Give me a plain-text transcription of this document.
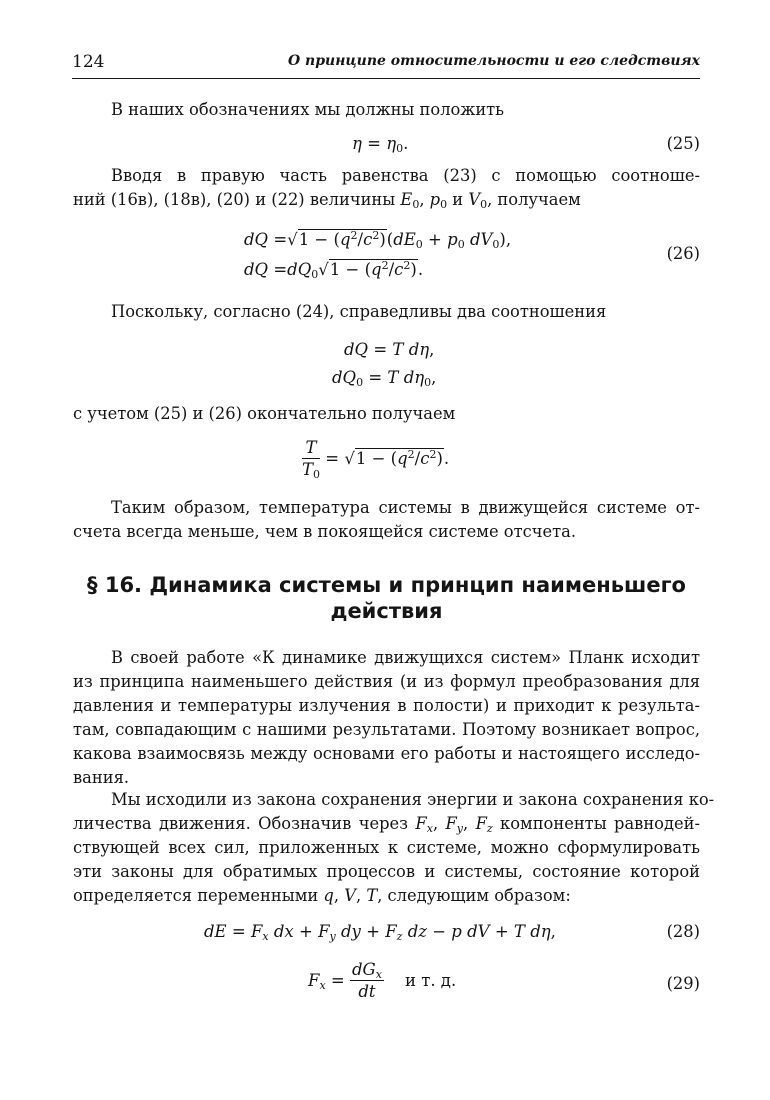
124	О принципе относительности и его следствиях
В наших обозначениях мы должны положить
$\eta = \eta_0$.	(25)
Вводя в правую часть равенства (23) с помощью соотноше-
ний (16в), (18в), (20) и (22) величины $E_0$, $p_0$ и $V_0$, получаем
dQ $=√1 - (q^2/c^2)(dE_0 + p_0$ $dV_0$),
dQ $=dQ_0√1 - (q^2/c^2)$.
(26)
Поскольку, согласно (24), справедливы два соотношения
dQ = T dη,
$dQ_0 = T$ $d\eta_0$,
с учетом (25) и (26) окончательно получаем
$\frac{T}{T_0} = √1 - (q^2/c^2)$.
Таким образом, температура системы в движущейся системе от-
счета всегда меньше, чем в покоящейся системе отсчета.
§ 16. Динамика системы и принцип наименьшего
действия
В своей работе «К динамике движущихся систем» Планк исходит
из принципа наименьшего действия (и из формул преобразования для
давления и температуры излучения в полости) и приходит к результа-
там, совпадающим с нашими результатами. Поэтому возникает вопрос,
какова взаимосвязь между основами его работы и настоящего исследо-
вания.
Мы исходили из закона сохранения энергии и закона сохранения ко-
личества движения. Обозначив через $F_x$, $F_y$, $F_z$ компоненты равнодей-
ствующей всех сил, приложенных к системе, можно сформулировать
эти законы для обратимых процессов и системы, состояние которой
определяется переменными q, V, T, следующим образом:
dE = $F_x$ dx + $F_y$ dy + $F_z$ dz − p dV + T dη,	(28)
$F_x = \frac{dG_x}{dt}$ и т. д.	(29)
